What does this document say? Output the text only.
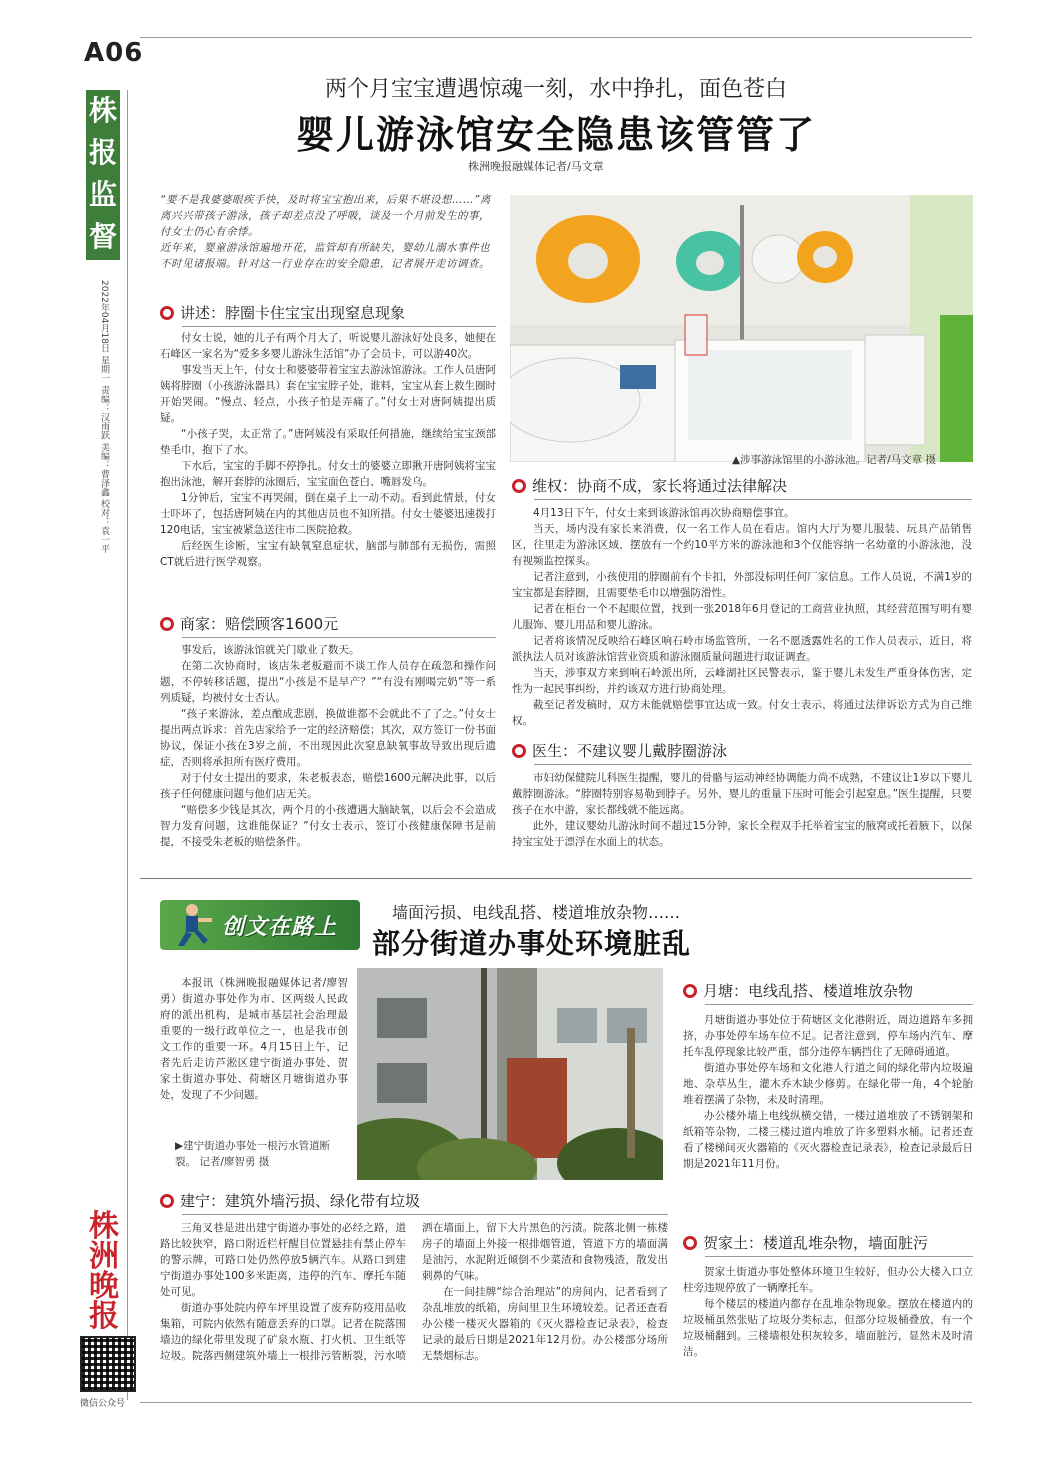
A06
株报监督
2022年04月18日 星期一 责编：汉雨跃 美编：曹泽鑫 校对：袁一平
株洲晚报
微信公众号
两个月宝宝遭遇惊魂一刻，水中挣扎，面色苍白
婴儿游泳馆安全隐患该管管了
株洲晚报融媒体记者/马文章
“要不是我婆婆眼疾手快，及时将宝宝抱出来，后果不堪设想……”离离兴兴带孩子游泳，孩子却差点没了呼吸，谈及一个月前发生的事，付女士仍心有余悸。
近年来，婴童游泳馆遍地开花，监管却有所缺失，婴幼儿溺水事件也不时见诸报端。针对这一行业存在的安全隐患，记者展开走访调查。
讲述：脖圈卡住宝宝出现窒息现象

付女士说，她的儿子有两个月大了，听说婴儿游泳好处良多，她便在石峰区一家名为“爱多多婴儿游泳生活馆”办了会员卡，可以游40次。

事发当天上午，付女士和婆婆带着宝宝去游泳馆游泳。工作人员唐阿姨将脖圈（小孩游泳器具）套在宝宝脖子处，谁料，宝宝从套上救生圈时开始哭闹。“慢点、轻点，小孩子怕是弄痛了。”付女士对唐阿姨提出质疑。

“小孩子哭，太正常了。”唐阿姨没有采取任何措施，继续给宝宝颈部垫毛巾，抱下了水。

下水后，宝宝的手脚不停挣扎。付女士的婆婆立即揪开唐阿姨将宝宝抱出泳池，解开套脖的泳圈后，宝宝面色苍白、嘴唇发乌。

1分钟后，宝宝不再哭闹，倒在桌子上一动不动。看到此情景，付女士吓坏了，包括唐阿姨在内的其他店员也不知所措。付女士婆婆迅速拨打120电话，宝宝被紧急送往市二医院抢救。

后经医生诊断，宝宝有缺氧窒息症状，脑部与肺部有无损伤，需照CT就后进行医学观察。

商家：赔偿顾客1600元

事发后，该游泳馆就关门歇业了数天。

在第二次协商时，该店朱老板避而不谈工作人员存在疏忽和操作问题，不停转移话题，提出“小孩是不是早产？”“有没有刚喝完奶”等一系列质疑，均被付女士否认。

“孩子来游泳，差点酿成悲剧，换做谁都不会就此不了了之。”付女士提出两点诉求：首先店家给予一定的经济赔偿；其次，双方签订一份书面协议，保证小孩在3岁之前，不出现因此次窒息缺氧事故导致出现后遗症，否则将承担所有医疗费用。

对于付女士提出的要求，朱老板表态，赔偿1600元解决此事，以后孩子任何健康问题与他们店无关。

“赔偿多少钱是其次，两个月的小孩遭遇大脑缺氧，以后会不会造成智力发育问题，这谁能保证？”付女士表示，签订小孩健康保障书是前提，不接受朱老板的赔偿条件。

▲涉事游泳馆里的小游泳池。记者/马文章 摄
维权：协商不成，家长将通过法律解决

4月13日下午，付女士来到该游泳馆再次协商赔偿事宜。

当天，场内没有家长来消费，仅一名工作人员在看店。馆内大厅为婴儿服装、玩具产品销售区，往里走为游泳区域，摆放有一个约10平方米的游泳池和3个仅能容纳一名幼童的小游泳池，没有视频监控探头。

记者注意到，小孩使用的脖圈前有个卡扣，外部没标明任何厂家信息。工作人员说，不满1岁的宝宝都是套脖圈，且需要垫毛巾以增强防滑性。

记者在柜台一个不起眼位置，找到一张2018年6月登记的工商营业执照，其经营范围写明有婴儿服饰、婴儿用品和婴儿游泳。

记者将该情况反映给石峰区响石岭市场监管所，一名不愿透露姓名的工作人员表示，近日，将派执法人员对该游泳馆营业资质和游泳圈质量问题进行取证调查。

当天，涉事双方来到响石岭派出所，云峰湖社区民警表示，鉴于婴儿未发生严重身体伤害，定性为一起民事纠纷，并约该双方进行协商处理。

截至记者发稿时，双方未能就赔偿事宜达成一致。付女士表示，将通过法律诉讼方式为自己维权。

医生：不建议婴儿戴脖圈游泳

市妇幼保健院儿科医生提醒，婴儿的骨骼与运动神经协调能力尚不成熟，不建议让1岁以下婴儿戴脖圈游泳。“脖圈特别容易勒到脖子。另外，婴儿的重量下压时可能会引起窒息。”医生提醒，只要孩子在水中游，家长都线就不能远离。

此外，建议婴幼儿游泳时间不超过15分钟，家长全程双手托举着宝宝的腋窝或托着腋下，以保持宝宝处于漂浮在水面上的状态。

创文在路上
墙面污损、电线乱搭、楼道堆放杂物……
部分街道办事处环境脏乱
本报讯（株洲晚报融媒体记者/廖智勇）街道办事处作为市、区两级人民政府的派出机构，是城市基层社会治理最重要的一级行政单位之一，也是我市创文工作的重要一环。4月15日上午，记者先后走访芦淞区建宁街道办事处、贺家土街道办事处、荷塘区月塘街道办事处，发现了不少问题。
▶建宁街道办事处一根污水管道断裂。 记者/廖智勇 摄
建宁：建筑外墙污损、绿化带有垃圾

三角叉巷是进出建宁街道办事处的必经之路，道路比较狭窄，路口附近栏杆醒目位置悬挂有禁止停车的警示牌，可路口处仍然停放5辆汽车。从路口到建宁街道办事处100多米距离，违停的汽车、摩托车随处可见。

街道办事处院内停车坪里设置了废弃防疫用品收集箱，可院内依然有随意丢弃的口罩。记者在院落围墙边的绿化带里发现了矿泉水瓶、打火机、卫生纸等垃圾。院落西侧建筑外墙上一根排污管断裂，污水喷洒在墙面上，留下大片黑色的污渍。院落北侧一栋楼房子的墙面上外接一根排烟管道，管道下方的墙面满是油污，水泥附近倾倒不少菜渣和食物残渣，散发出刺鼻的气味。

在一间挂牌“综合治理站”的房间内，记者看到了杂乱堆放的纸箱，房间里卫生环境较差。记者还查看办公楼一楼灭火器箱的《灭火器检查记录表》，检查记录的最后日期是2021年12月份。办公楼部分场所无禁烟标志。

月塘：电线乱搭、楼道堆放杂物

月塘街道办事处位于荷塘区文化港附近，周边道路车多拥挤，办事处停车场车位不足。记者注意到，停车场内汽车、摩托车乱停现象比较严重，部分违停车辆挡住了无障碍通道。

街道办事处停车场和文化港人行道之间的绿化带内垃圾遍地、杂草丛生，灌木乔木缺少修剪。在绿化带一角，4个轮胎堆着摆满了杂物，未及时清理。

办公楼外墙上电线纵横交错，一楼过道堆放了不锈钢架和纸箱等杂物，二楼三楼过道内堆放了许多塑料水桶。记者还查看了楼梯间灭火器箱的《灭火器检查记录表》，检查记录最后日期是2021年11月份。

贺家土：楼道乱堆杂物，墙面脏污

贺家土街道办事处整体环境卫生较好，但办公大楼入口立柱旁违规停放了一辆摩托车。

每个楼层的楼道内都存在乱堆杂物现象。摆放在楼道内的垃圾桶虽然张贴了垃圾分类标志，但部分垃圾桶叠放，有一个垃圾桶翻到。三楼墙根处积灰较多，墙面脏污，显然未及时清洁。
